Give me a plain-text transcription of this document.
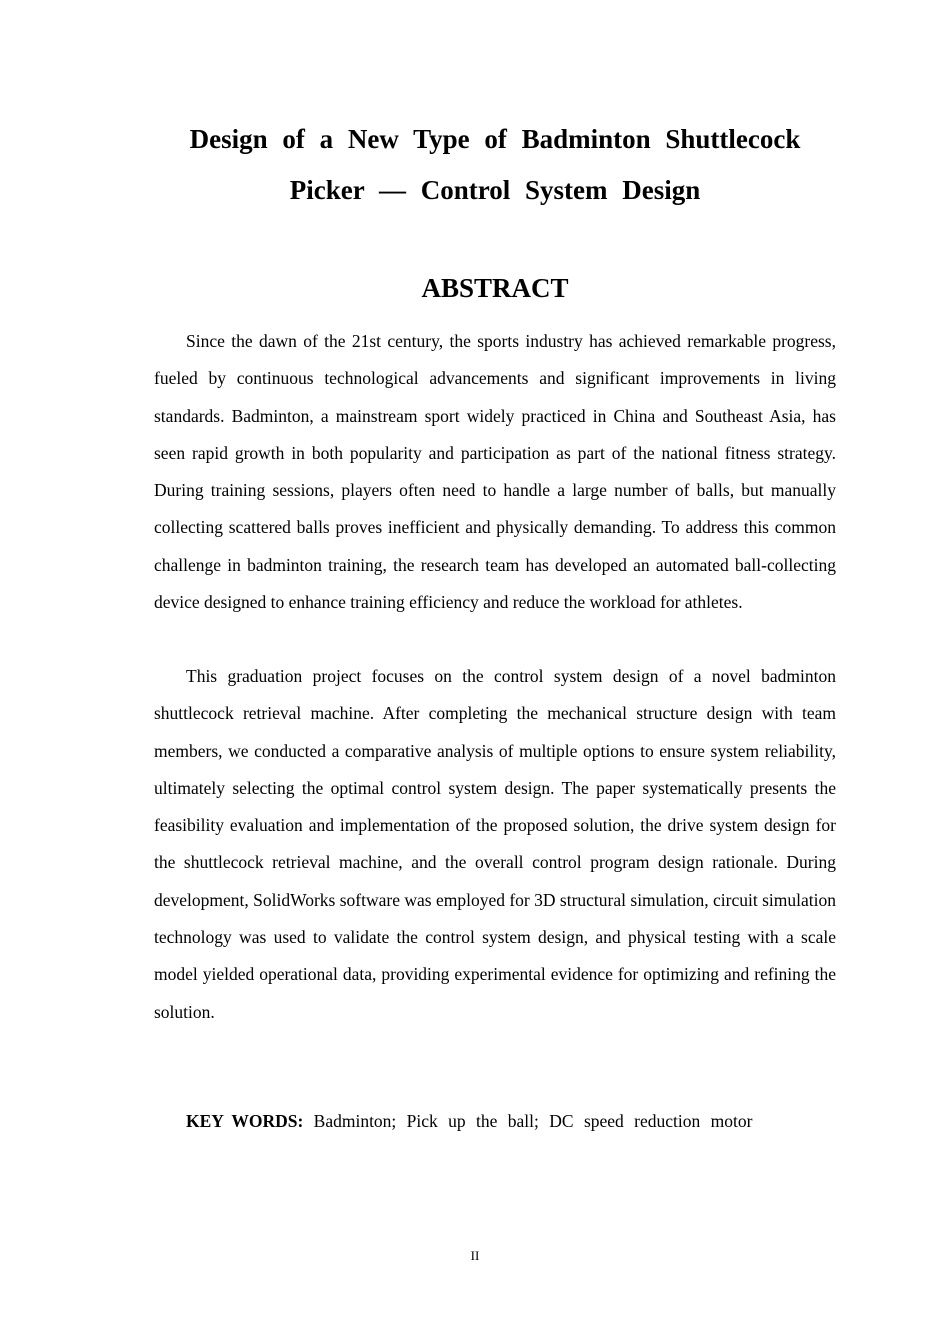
Design of a New Type of Badminton Shuttlecock
Picker — Control System Design
ABSTRACT

Since the dawn of the 21st century, the sports industry has achieved remarkable progress, fueled by continuous technological advancements and significant improvements in living standards. Badminton, a mainstream sport widely practiced in China and Southeast Asia, has seen rapid growth in both popularity and participation as part of the national fitness strategy. During training sessions, players often need to handle a large number of balls, but manually collecting scattered balls proves inefficient and physically demanding. To address this common challenge in badminton training, the research team has developed an automated ball-collecting device designed to enhance training efficiency and reduce the workload for athletes.

This graduation project focuses on the control system design of a novel badminton shuttlecock retrieval machine. After completing the mechanical structure design with team members, we conducted a comparative analysis of multiple options to ensure system reliability, ultimately selecting the optimal control system design. The paper systematically presents the feasibility evaluation and implementation of the proposed solution, the drive system design for the shuttlecock retrieval machine, and the overall control program design rationale. During development, SolidWorks software was employed for 3D structural simulation, circuit simulation technology was used to validate the control system design, and physical testing with a scale model yielded operational data, providing experimental evidence for optimizing and refining the solution.

KEY WORDS: Badminton; Pick up the ball; DC speed reduction motor

II
